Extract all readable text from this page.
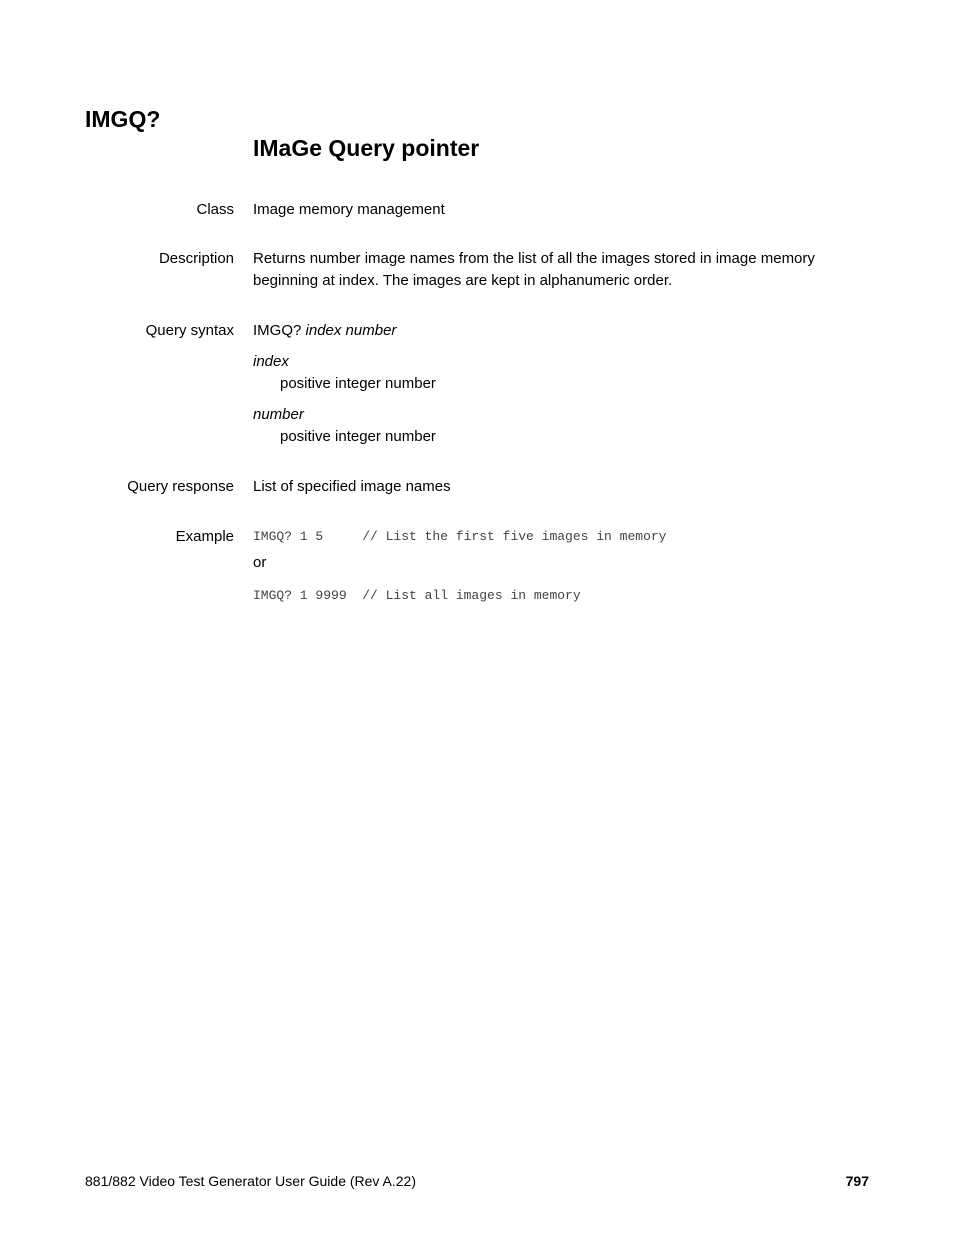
IMGQ?
IMaGe Query pointer
Class Image memory management
Description Returns number image names from the list of all the images stored in image memory
beginning at index. The images are kept in alphanumeric order.
Query syntax IMGQ? index number
index
positive integer number
number
positive integer number
Query response List of specified image names
Example IMGQ? 1 5     // List the first five images in memory
or
IMGQ? 1 9999  // List all images in memory
881/882 Video Test Generator User Guide (Rev A.22)	797
